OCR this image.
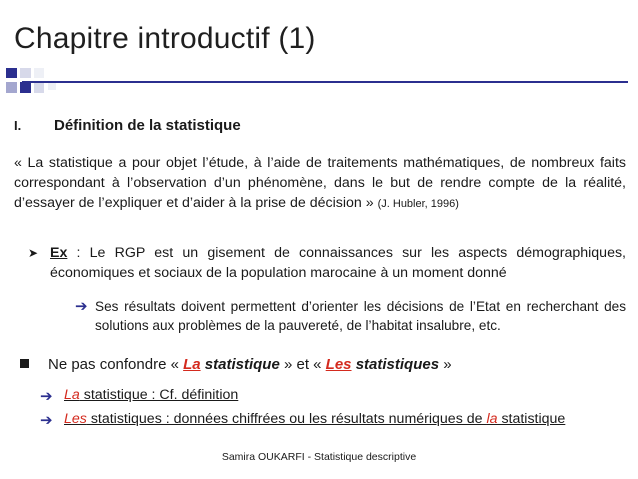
Chapitre introductif (1)
I. Définition de la statistique
« La statistique a pour objet l’étude, à l’aide de traitements mathématiques, de nombreux faits correspondant à l’observation d’un phénomène, dans le but de rendre compte de la réalité, d’essayer de l’expliquer et d’aider à la prise de décision » (J. Hubler, 1996)
➤ Ex : Le RGP est un gisement de connaissances sur les aspects démographiques, économiques et sociaux de la population marocaine à un moment donné
➔ Ses résultats doivent permettent d’orienter les décisions de l’Etat en recherchant des solutions aux problèmes de la pauvereté, de l’habitat insalubre, etc.
Ne pas confondre « La statistique » et « Les statistiques »
➔ La statistique : Cf. définition
➔ Les statistiques : données chiffrées ou les résultats numériques de la statistique
Samira OUKARFI - Statistique descriptive
